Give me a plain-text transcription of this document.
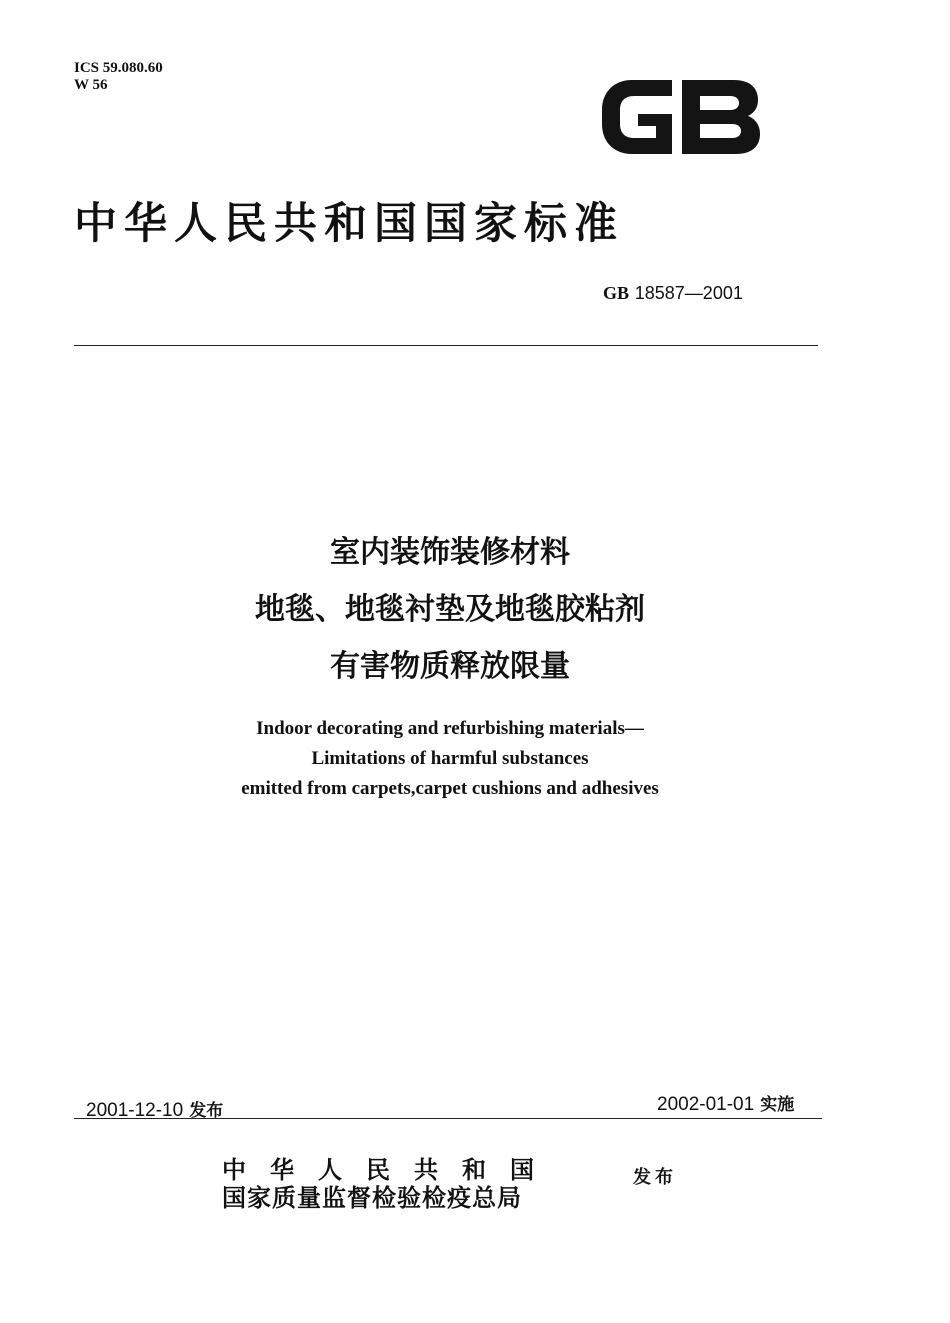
ICS 59.080.60
W 56
中华人民共和国国家标准
GB 18587—2001
室内装饰装修材料
地毯、地毯衬垫及地毯胶粘剂
有害物质释放限量
Indoor decorating and refurbishing materials—
Limitations of harmful substances
emitted from carpets,carpet cushions and adhesives
2001-12-10 发布	2002-01-01 实施
中华人民共和国
国家质量监督检验检疫总局
发布
